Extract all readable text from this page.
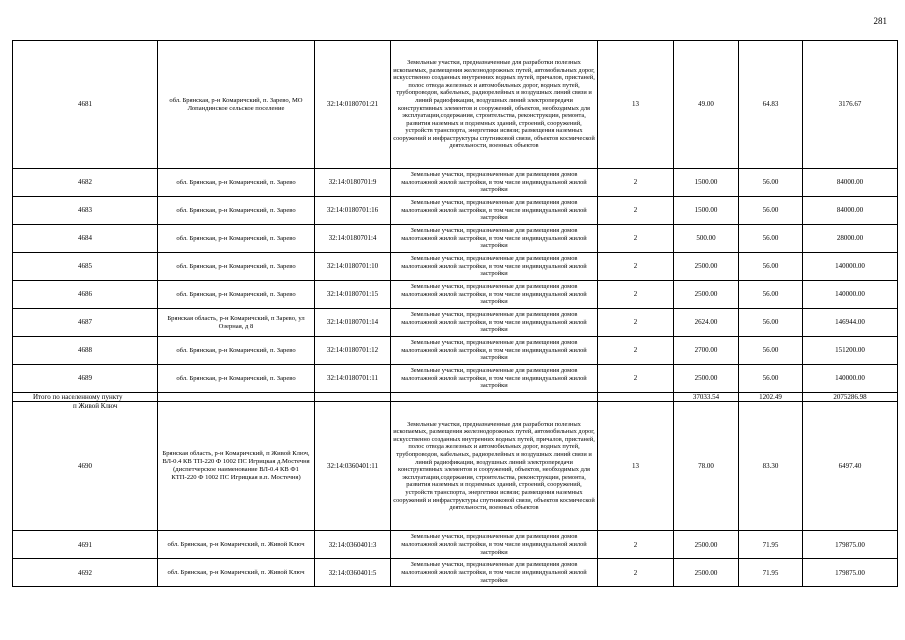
281
4681	обл. Брянская, р-н Комаричский, п. Зарево, МО Лопандинское сельское поселение	32:14:0180701:21	Земельные участки, предназначенные для разработки полезных ископаемых, размещения железнодорожных путей, автомобильных дорог, искусственно созданных внутренних водных путей, причалов, пристаней, полос отвода железных и автомобильных дорог, водных путей, трубопроводов, кабельных, радиорелейных и воздушных линий связи и линий радиофикации, воздушных линий электропередачи конструктивных элементов и сооружений, объектов, необходимых для эксплуатации,содержания, строительства, реконструкции, ремонта, развития наземных и подземных зданий, строений, сооружений, устройств транспорта, энергетики исвязи; размещения наземных сооружений и инфраструктуры спутниковой связи, объектов космической деятельности, военных объектов	13	49.00	64.83	3176.67
4682	обл. Брянская, р-н Комаричский, п. Зарево	32:14:0180701:9	Земельные участки, предназначенные для размещения домов малоэтажной жилой застройки, в том числе индивидуальной жилой застройки	2	1500.00	56.00	84000.00
4683	обл. Брянская, р-н Комаричский, п. Зарево	32:14:0180701:16	Земельные участки, предназначенные для размещения домов малоэтажной жилой застройки, в том числе индивидуальной жилой застройки	2	1500.00	56.00	84000.00
4684	обл. Брянская, р-н Комаричский, п. Зарево	32:14:0180701:4	Земельные участки, предназначенные для размещения домов малоэтажной жилой застройки, в том числе индивидуальной жилой застройки	2	500.00	56.00	28000.00
4685	обл. Брянская, р-н Комаричский, п. Зарево	32:14:0180701:10	Земельные участки, предназначенные для размещения домов малоэтажной жилой застройки, в том числе индивидуальной жилой застройки	2	2500.00	56.00	140000.00
4686	обл. Брянская, р-н Комаричский, п. Зарево	32:14:0180701:15	Земельные участки, предназначенные для размещения домов малоэтажной жилой застройки, в том числе индивидуальной жилой застройки	2	2500.00	56.00	140000.00
4687	Брянская область, р-н Комаричский, п Зарево, ул Озерная, д 8	32:14:0180701:14	Земельные участки, предназначенные для размещения домов малоэтажной жилой застройки, в том числе индивидуальной жилой застройки	2	2624.00	56.00	146944.00
4688	обл. Брянская, р-н Комаричский, п. Зарево	32:14:0180701:12	Земельные участки, предназначенные для размещения домов малоэтажной жилой застройки, в том числе индивидуальной жилой застройки	2	2700.00	56.00	151200.00
4689	обл. Брянская, р-н Комаричский, п. Зарево	32:14:0180701:11	Земельные участки, предназначенные для размещения домов малоэтажной жилой застройки, в том числе индивидуальной жилой застройки	2	2500.00	56.00	140000.00
Итого по населенному пункту					37033.54	1202.49	2075286.98

п Живой Ключ
4690	Брянская область, р-н Комаричский, п Живой Ключ, ВЛ-0.4 КВ ТП-220 Ф 1002 ПС Игрицкая д.Мостечня (диспетчерское наименование ВЛ-0.4 КВ Ф1 КТП-220 Ф 1002 ПС Игрицкая в.п. Мостечня)	32:14:0360401:11	Земельные участки, предназначенные для разработки полезных ископаемых, размещения железнодорожных путей, автомобильных дорог, искусственно созданных внутренних водных путей, причалов, пристаней, полос отвода железных и автомобильных дорог, водных путей, трубопроводов, кабельных, радиорелейных и воздушных линий связи и линий радиофикации, воздушных линий электропередачи конструктивных элементов и сооружений, объектов, необходимых для эксплуатации,содержания, строительства, реконструкции, ремонта, развития наземных и подземных зданий, строений, сооружений, устройств транспорта, энергетики исвязи; размещения наземных сооружений и инфраструктуры спутниковой связи, объектов космической деятельности, военных объектов	13	78.00	83.30	6497.40
4691	обл. Брянская, р-н Комаричский, п. Живой Ключ	32:14:0360401:3	Земельные участки, предназначенные для размещения домов малоэтажной жилой застройки, в том числе индивидуальной жилой застройки	2	2500.00	71.95	179875.00
4692	обл. Брянская, р-н Комаричский, п. Живой Ключ	32:14:0360401:5	Земельные участки, предназначенные для размещения домов малоэтажной жилой застройки, в том числе индивидуальной жилой застройки	2	2500.00	71.95	179875.00
